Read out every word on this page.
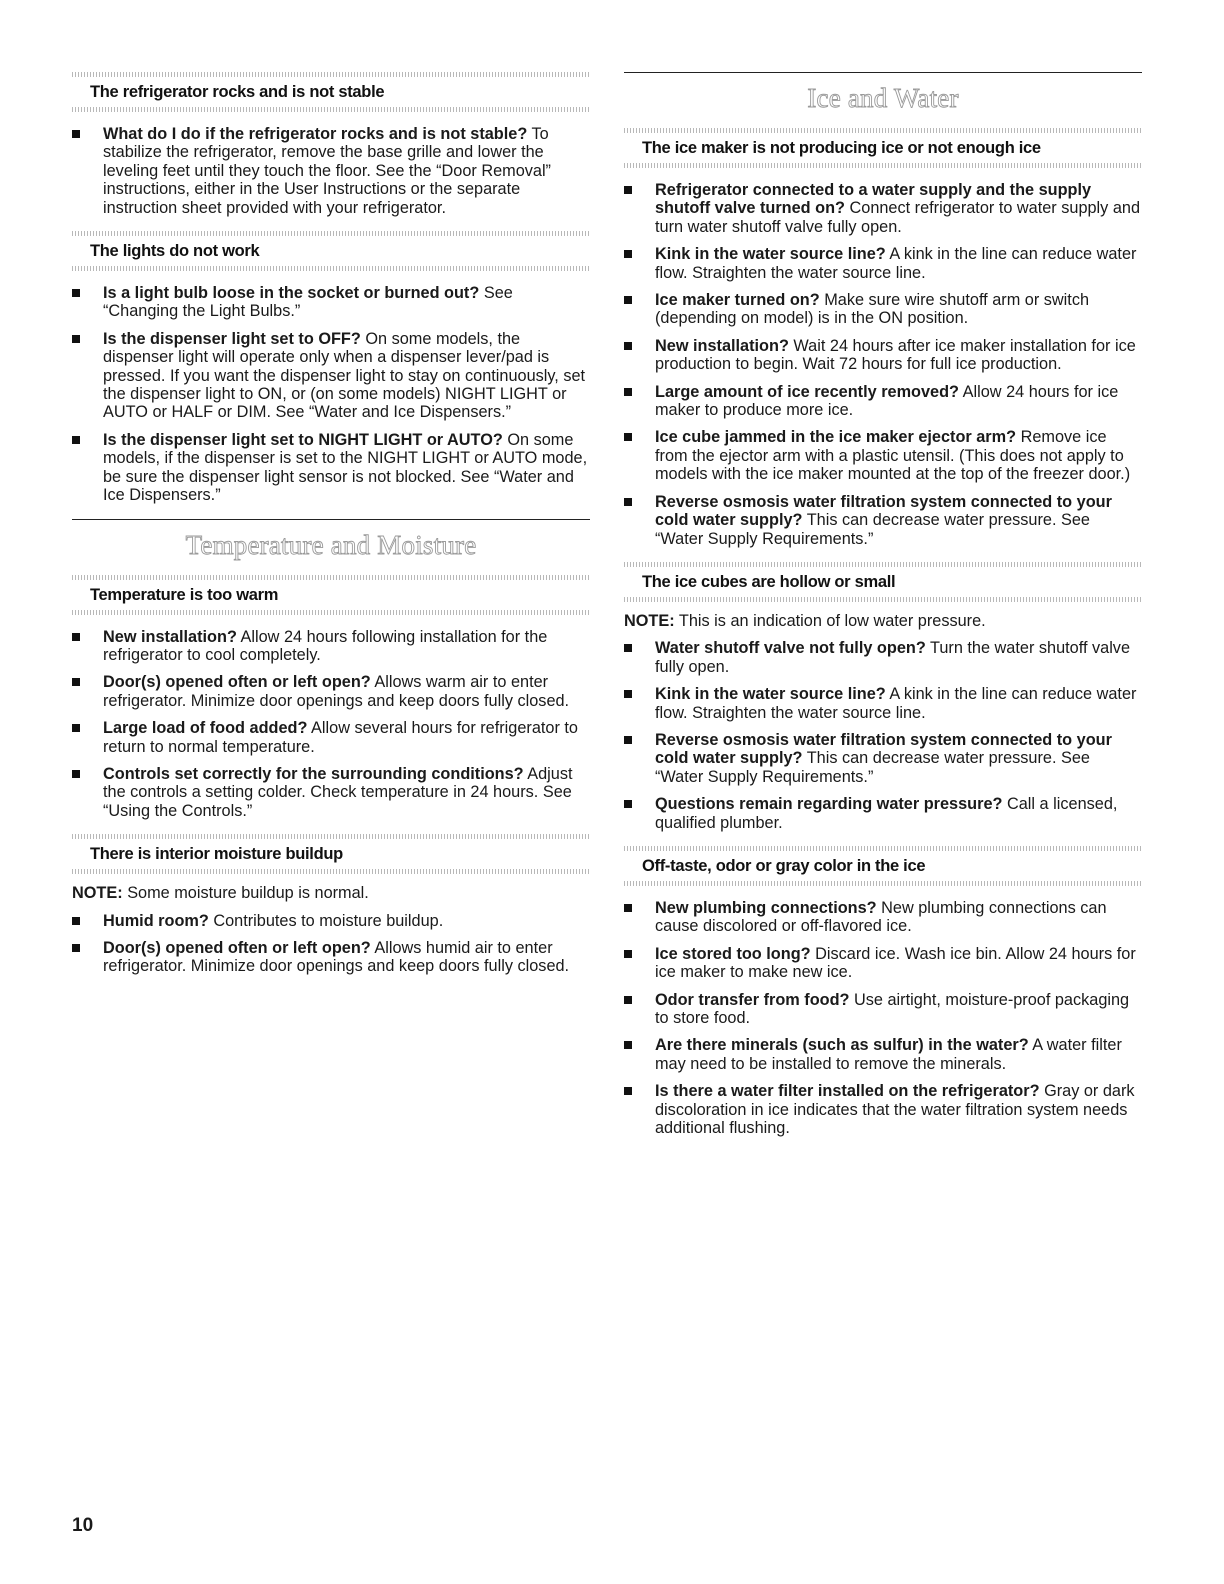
The refrigerator rocks and is not stable
What do I do if the refrigerator rocks and is not stable? To stabilize the refrigerator, remove the base grille and lower the leveling feet until they touch the floor. See the “Door Removal” instructions, either in the User Instructions or the separate instruction sheet provided with your refrigerator.
The lights do not work
Is a light bulb loose in the socket or burned out? See “Changing the Light Bulbs.”
Is the dispenser light set to OFF? On some models, the dispenser light will operate only when a dispenser lever/pad is pressed. If you want the dispenser light to stay on continuously, set the dispenser light to ON, or (on some models) NIGHT LIGHT or AUTO or HALF or DIM. See “Water and Ice Dispensers.”
Is the dispenser light set to NIGHT LIGHT or AUTO? On some models, if the dispenser is set to the NIGHT LIGHT or AUTO mode, be sure the dispenser light sensor is not blocked. See “Water and Ice Dispensers.”
Temperature and Moisture
Temperature is too warm
New installation? Allow 24 hours following installation for the refrigerator to cool completely.
Door(s) opened often or left open? Allows warm air to enter refrigerator. Minimize door openings and keep doors fully closed.
Large load of food added? Allow several hours for refrigerator to return to normal temperature.
Controls set correctly for the surrounding conditions? Adjust the controls a setting colder. Check temperature in 24 hours. See “Using the Controls.”
There is interior moisture buildup
NOTE: Some moisture buildup is normal.
Humid room? Contributes to moisture buildup.
Door(s) opened often or left open? Allows humid air to enter refrigerator. Minimize door openings and keep doors fully closed.
Ice and Water
The ice maker is not producing ice or not enough ice
Refrigerator connected to a water supply and the supply shutoff valve turned on? Connect refrigerator to water supply and turn water shutoff valve fully open.
Kink in the water source line? A kink in the line can reduce water flow. Straighten the water source line.
Ice maker turned on? Make sure wire shutoff arm or switch (depending on model) is in the ON position.
New installation? Wait 24 hours after ice maker installation for ice production to begin. Wait 72 hours for full ice production.
Large amount of ice recently removed? Allow 24 hours for ice maker to produce more ice.
Ice cube jammed in the ice maker ejector arm? Remove ice from the ejector arm with a plastic utensil. (This does not apply to models with the ice maker mounted at the top of the freezer door.)
Reverse osmosis water filtration system connected to your cold water supply? This can decrease water pressure. See “Water Supply Requirements.”
The ice cubes are hollow or small
NOTE: This is an indication of low water pressure.
Water shutoff valve not fully open? Turn the water shutoff valve fully open.
Kink in the water source line? A kink in the line can reduce water flow. Straighten the water source line.
Reverse osmosis water filtration system connected to your cold water supply? This can decrease water pressure. See “Water Supply Requirements.”
Questions remain regarding water pressure? Call a licensed, qualified plumber.
Off-taste, odor or gray color in the ice
New plumbing connections? New plumbing connections can cause discolored or off-flavored ice.
Ice stored too long? Discard ice. Wash ice bin. Allow 24 hours for ice maker to make new ice.
Odor transfer from food? Use airtight, moisture-proof packaging to store food.
Are there minerals (such as sulfur) in the water? A water filter may need to be installed to remove the minerals.
Is there a water filter installed on the refrigerator? Gray or dark discoloration in ice indicates that the water filtration system needs additional flushing.
10
